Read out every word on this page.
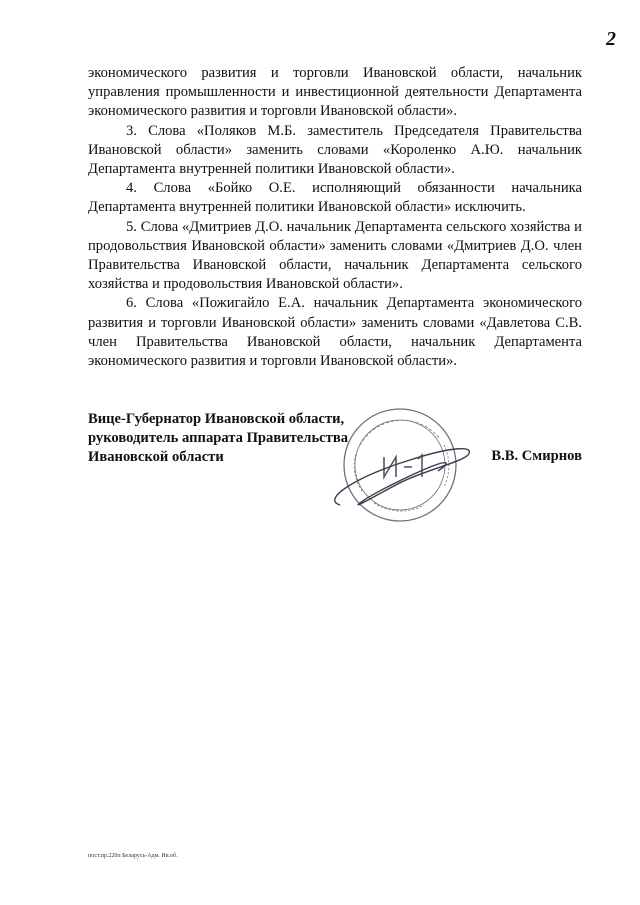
2

экономического развития и торговли Ивановской области, начальник управления промышленности и инвестиционной деятельности Департамента экономического развития и торговли Ивановской области».

3. Слова «Поляков М.Б. заместитель Председателя Правительства Ивановской области» заменить словами «Короленко А.Ю. начальник Департамента внутренней политики Ивановской области».

4. Слова «Бойко О.Е. исполняющий обязанности начальника Департамента внутренней политики Ивановской области» исключить.

5. Слова «Дмитриев Д.О. начальник Департамента сельского хозяйства и продовольствия Ивановской области» заменить словами «Дмитриев Д.О. член Правительства Ивановской области, начальник Департамента сельского хозяйства и продовольствия Ивановской области».

6. Слова «Пожигайло Е.А. начальник Департамента экономического развития и торговли Ивановской области» заменить словами «Давлетова С.В. член Правительства Ивановской области, начальник Департамента экономического развития и торговли Ивановской области».

Вице-Губернатор Ивановской области,
руководитель аппарата Правительства
Ивановской области	В.В. Смирнов
пост.пр.220п Беларусь-Адм. Ив.об.
